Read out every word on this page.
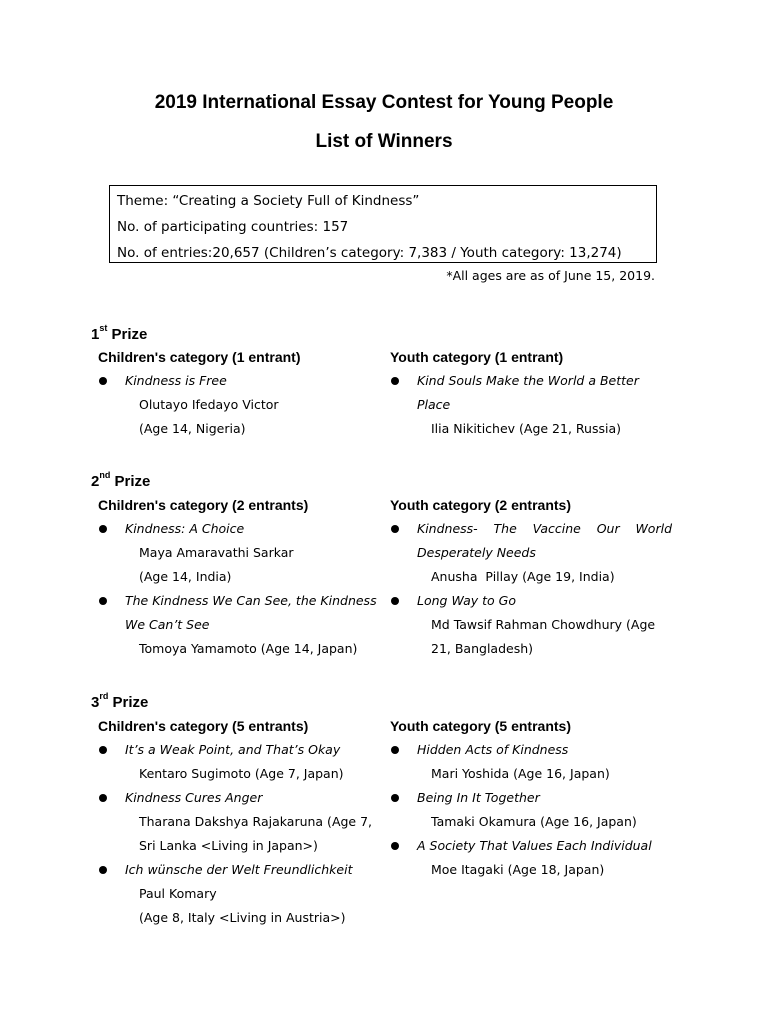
2019 International Essay Contest for Young People
List of Winners
Theme: “Creating a Society Full of Kindness”
No. of participating countries: 157
No. of entries:20,657 (Children’s category: 7,383 / Youth category: 13,274)
*All ages are as of June 15, 2019.
1st Prize
Children's category (1 entrant)
Kindness is Free
Olutayo Ifedayo Victor
(Age 14, Nigeria)
Youth category (1 entrant)
Kind Souls Make the World a Better
Place
Ilia Nikitichev (Age 21, Russia)
2nd Prize
Children's category (2 entrants)
Kindness: A Choice
Maya Amaravathi Sarkar
(Age 14, India)
The Kindness We Can See, the Kindness
We Can’t See
Tomoya Yamamoto (Age 14, Japan)
Youth category (2 entrants)
Kindness- The Vaccine Our World
Desperately Needs
Anusha  Pillay (Age 19, India)
Long Way to Go
Md Tawsif Rahman Chowdhury (Age
21, Bangladesh)
3rd Prize
Children's category (5 entrants)
It’s a Weak Point, and That’s Okay
Kentaro Sugimoto (Age 7, Japan)
Kindness Cures Anger
Tharana Dakshya Rajakaruna (Age 7,
Sri Lanka <Living in Japan>)
Ich wünsche der Welt Freundlichkeit
Paul Komary
(Age 8, Italy <Living in Austria>)
Youth category (5 entrants)
Hidden Acts of Kindness
Mari Yoshida (Age 16, Japan)
Being In It Together
Tamaki Okamura (Age 16, Japan)
A Society That Values Each Individual
Moe Itagaki (Age 18, Japan)
